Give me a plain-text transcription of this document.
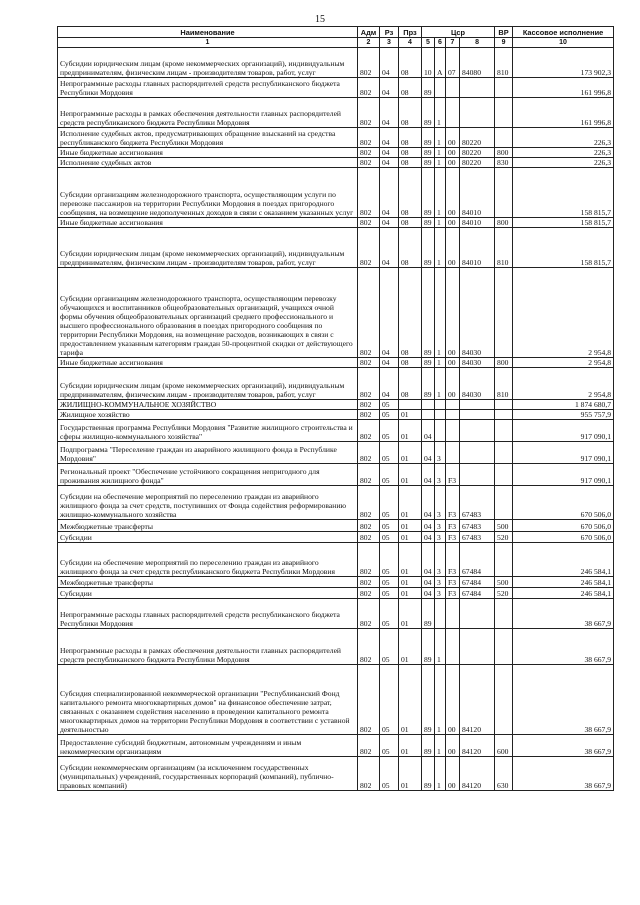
15
Наименование	Адм	Рз	Прз	Цср				ВР	Кассовое исполнение
1	2	3	4	5	6	7	8	9	10
Субсидии юридическим лицам (кроме некоммерческих организаций), индивидуальным предпринимателям, физическим лицам - производителям товаров, работ, услуг	802	04	08	10	А	07	84080	810	173 902,3
Непрограммные расходы главных распорядителей средств республиканского бюджета Республики Мордовия	802	04	08	89					161 996,8
Непрограммные расходы в рамках обеспечения деятельности главных распорядителей средств республиканского бюджета Республики Мордовия	802	04	08	89	1				161 996,8
Исполнение судебных актов, предусматривающих обращение взысканий на средства республиканского бюджета Республики Мордовия	802	04	08	89	1	00	80220		226,3
Иные бюджетные ассигнования	802	04	08	89	1	00	80220	800	226,3
Исполнение судебных актов	802	04	08	89	1	00	80220	830	226,3
Субсидии организациям железнодорожного транспорта, осуществляющим услуги по перевозке пассажиров на территории Республики Мордовия в поездах пригородного сообщения, на возмещение недополученных доходов в связи с оказанием указанных услуг	802	04	08	89	1	00	84010		158 815,7
Иные бюджетные ассигнования	802	04	08	89	1	00	84010	800	158 815,7
Субсидии юридическим лицам (кроме некоммерческих организаций), индивидуальным предпринимателям, физическим лицам - производителям товаров, работ, услуг	802	04	08	89	1	00	84010	810	158 815,7
Субсидии организациям железнодорожного транспорта, осуществляющим перевозку обучающихся и воспитанников общеобразовательных организаций, учащихся очной формы обучения общеобразовательных организаций среднего профессионального и высшего профессионального образования в поездах пригородного сообщения по территории Республики Мордовия, на возмещение расходов, возникающих в связи с предоставлением указанным категориям граждан 50-процентной скидки от действующего тарифа	802	04	08	89	1	00	84030		2 954,8
Иные бюджетные ассигнования	802	04	08	89	1	00	84030	800	2 954,8
Субсидии юридическим лицам (кроме некоммерческих организаций), индивидуальным предпринимателям, физическим лицам - производителям товаров, работ, услуг	802	04	08	89	1	00	84030	810	2 954,8
ЖИЛИЩНО-КОММУНАЛЬНОЕ ХОЗЯЙСТВО	802	05							1 874 680,7
Жилищное хозяйство	802	05	01						955 757,9
Государственная программа Республики Мордовия "Развитие жилищного строительства и сферы жилищно-коммунального хозяйства"	802	05	01	04					917 090,1
Подпрограмма "Переселение граждан из аварийного жилищного фонда в Республике Мордовия"	802	05	01	04	3				917 090,1
Региональный проект "Обеспечение устойчивого сокращения непригодного для проживания жилищного фонда"	802	05	01	04	3	F3			917 090,1
Субсидии на обеспечение мероприятий по переселению граждан из аварийного жилищного фонда за счет средств, поступивших от Фонда содействия реформированию жилищно-коммунального хозяйства	802	05	01	04	3	F3	67483		670 506,0
Межбюджетные трансферты	802	05	01	04	3	F3	67483	500	670 506,0
Субсидии	802	05	01	04	3	F3	67483	520	670 506,0
Субсидии на обеспечение мероприятий по переселению граждан из аварийного жилищного фонда за счет средств республиканского бюджета Республики Мордовия	802	05	01	04	3	F3	67484		246 584,1
Межбюджетные трансферты	802	05	01	04	3	F3	67484	500	246 584,1
Субсидии	802	05	01	04	3	F3	67484	520	246 584,1
Непрограммные расходы главных распорядителей средств республиканского бюджета Республики Мордовия	802	05	01	89					38 667,9
Непрограммные расходы в рамках обеспечения деятельности главных распорядителей средств республиканского бюджета Республики Мордовия	802	05	01	89	1				38 667,9
Субсидия специализированной некоммерческой организации "Республиканский Фонд капитального ремонта многоквартирных домов" на финансовое обеспечение затрат, связанных с оказанием содействия населению в проведении капитального ремонта многоквартирных домов на территории Республики Мордовия в соответствии с уставной деятельностью	802	05	01	89	1	00	84120		38 667,9
Предоставление субсидий бюджетным, автономным учреждениям и иным некоммерческим организациям	802	05	01	89	1	00	84120	600	38 667,9
Субсидии некоммерческим организациям (за исключением государственных (муниципальных) учреждений, государственных корпораций (компаний), публично-правовых компаний)	802	05	01	89	1	00	84120	630	38 667,9
